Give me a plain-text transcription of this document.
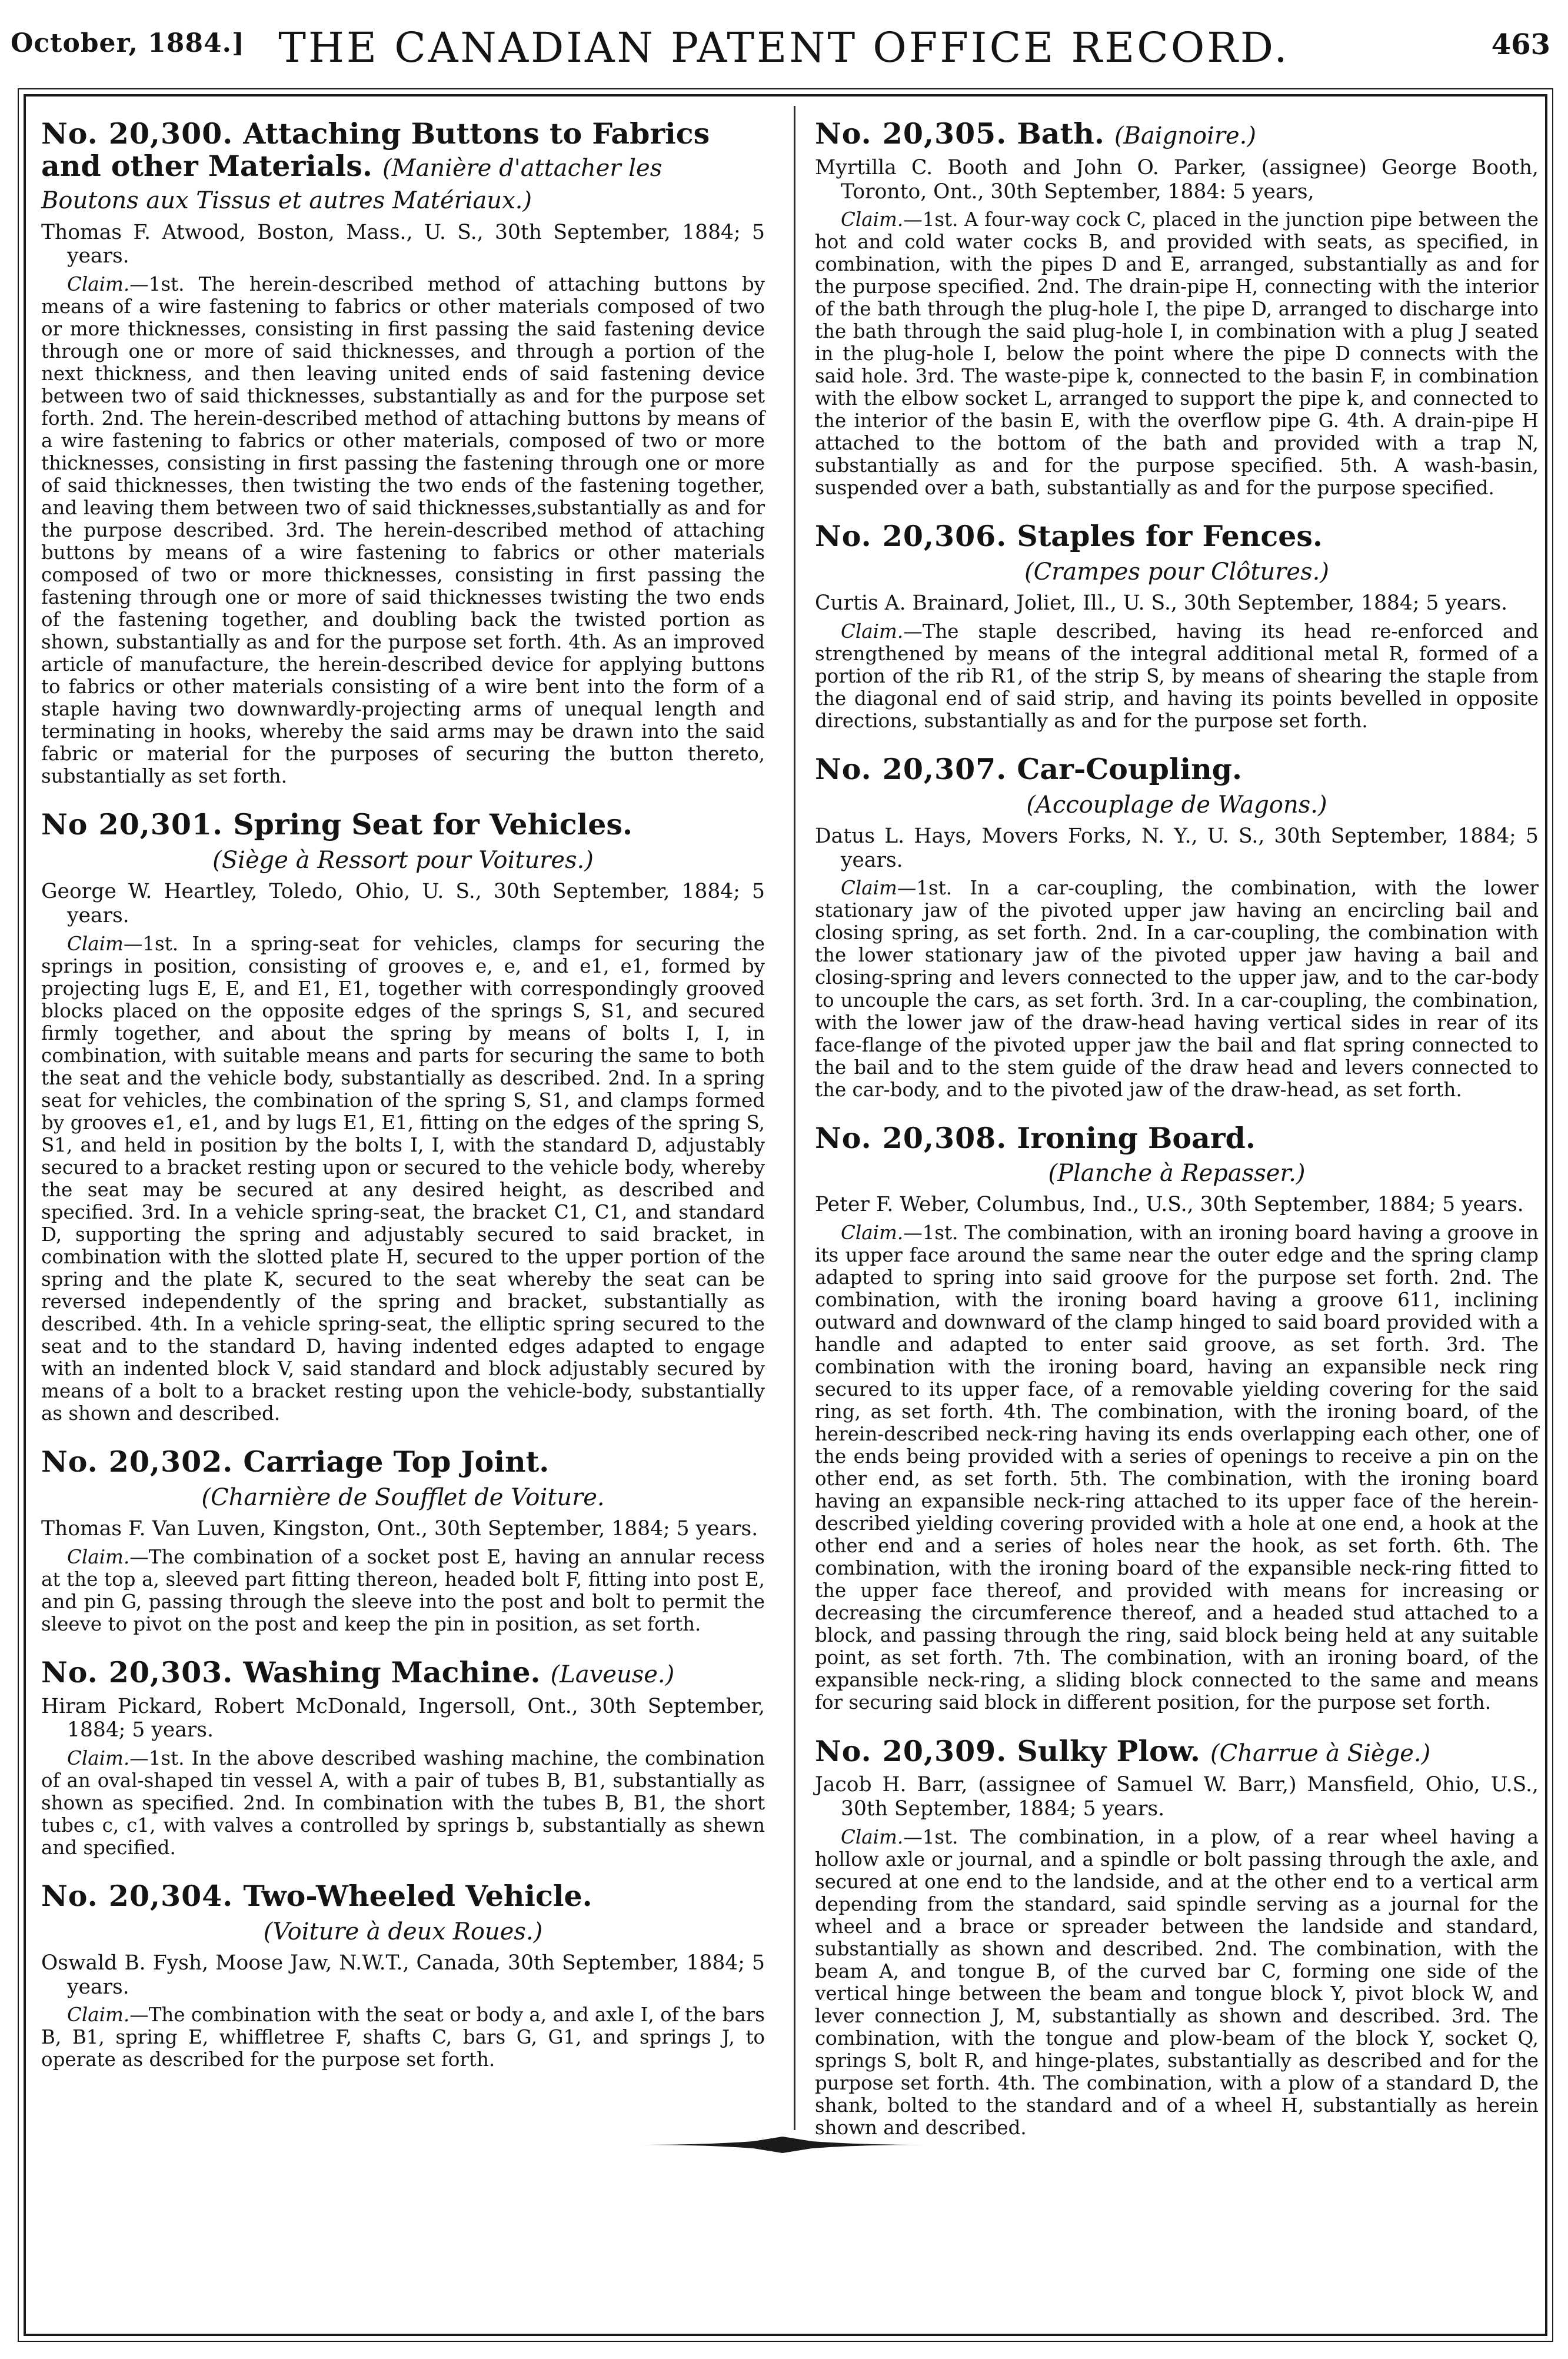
October, 1884.] THE CANADIAN PATENT OFFICE RECORD.	463
No. 20,300. Attaching Buttons to Fabrics and other Materials. (Manière d'attacher les Boutons aux Tissus et autres Matériaux.)

Thomas F. Atwood, Boston, Mass., U. S., 30th September, 1884; 5 years.

Claim.—1st. The herein-described method of attaching buttons by means of a wire fastening to fabrics or other materials composed of two or more thicknesses, consisting in first passing the said fastening device through one or more of said thicknesses, and through a portion of the next thickness, and then leaving united ends of said fastening device between two of said thicknesses, substantially as and for the purpose set forth. 2nd. The herein-described method of attaching buttons by means of a wire fastening to fabrics or other materials, composed of two or more thicknesses, consisting in first passing the fastening through one or more of said thicknesses, then twisting the two ends of the fastening together, and leaving them between two of said thicknesses,substantially as and for the purpose described. 3rd. The herein-described method of attaching buttons by means of a wire fastening to fabrics or other materials composed of two or more thicknesses, consisting in first passing the fastening through one or more of said thicknesses twisting the two ends of the fastening together, and doubling back the twisted portion as shown, substantially as and for the purpose set forth. 4th. As an improved article of manufacture, the herein-described device for applying buttons to fabrics or other materials consisting of a wire bent into the form of a staple having two downwardly-projecting arms of unequal length and terminating in hooks, whereby the said arms may be drawn into the said fabric or material for the purposes of securing the button thereto, substantially as set forth.

No 20,301. Spring Seat for Vehicles.
(Siège à Ressort pour Voitures.)

George W. Heartley, Toledo, Ohio, U. S., 30th September, 1884; 5 years.

Claim—1st. In a spring-seat for vehicles, clamps for securing the springs in position, consisting of grooves e, e, and e1, e1, formed by projecting lugs E, E, and E1, E1, together with correspondingly grooved blocks placed on the opposite edges of the springs S, S1, and secured firmly together, and about the spring by means of bolts I, I, in combination, with suitable means and parts for securing the same to both the seat and the vehicle body, substantially as described. 2nd. In a spring seat for vehicles, the combination of the spring S, S1, and clamps formed by grooves e1, e1, and by lugs E1, E1, fitting on the edges of the spring S, S1, and held in position by the bolts I, I, with the standard D, adjustably secured to a bracket resting upon or secured to the vehicle body, whereby the seat may be secured at any desired height, as described and specified. 3rd. In a vehicle spring-seat, the bracket C1, C1, and standard D, supporting the spring and adjustably secured to said bracket, in combination with the slotted plate H, secured to the upper portion of the spring and the plate K, secured to the seat whereby the seat can be reversed independently of the spring and bracket, substantially as described. 4th. In a vehicle spring-seat, the elliptic spring secured to the seat and to the standard D, having indented edges adapted to engage with an indented block V, said standard and block adjustably secured by means of a bolt to a bracket resting upon the vehicle-body, substantially as shown and described.

No. 20,302. Carriage Top Joint.
(Charnière de Soufflet de Voiture.

Thomas F. Van Luven, Kingston, Ont., 30th September, 1884; 5 years.

Claim.—The combination of a socket post E, having an annular recess at the top a, sleeved part fitting thereon, headed bolt F, fitting into post E, and pin G, passing through the sleeve into the post and bolt to permit the sleeve to pivot on the post and keep the pin in position, as set forth.

No. 20,303. Washing Machine. (Laveuse.)

Hiram Pickard, Robert McDonald, Ingersoll, Ont., 30th September, 1884; 5 years.

Claim.—1st. In the above described washing machine, the combination of an oval-shaped tin vessel A, with a pair of tubes B, B1, substantially as shown as specified. 2nd. In combination with the tubes B, B1, the short tubes c, c1, with valves a controlled by springs b, substantially as shewn and specified.

No. 20,304. Two-Wheeled Vehicle.
(Voiture à deux Roues.)

Oswald B. Fysh, Moose Jaw, N.W.T., Canada, 30th September, 1884; 5 years.

Claim.—The combination with the seat or body a, and axle I, of the bars B, B1, spring E, whiffletree F, shafts C, bars G, G1, and springs J, to operate as described for the purpose set forth.

No. 20,305. Bath. (Baignoire.)

Myrtilla C. Booth and John O. Parker, (assignee) George Booth, Toronto, Ont., 30th September, 1884: 5 years,

Claim.—1st. A four-way cock C, placed in the junction pipe between the hot and cold water cocks B, and provided with seats, as specified, in combination, with the pipes D and E, arranged, substantially as and for the purpose specified. 2nd. The drain-pipe H, connecting with the interior of the bath through the plug-hole I, the pipe D, arranged to discharge into the bath through the said plug-hole I, in combination with a plug J seated in the plug-hole I, below the point where the pipe D connects with the said hole. 3rd. The waste-pipe k, connected to the basin F, in combination with the elbow socket L, arranged to support the pipe k, and connected to the interior of the basin E, with the overflow pipe G. 4th. A drain-pipe H attached to the bottom of the bath and provided with a trap N, substantially as and for the purpose specified. 5th. A wash-basin, suspended over a bath, substantially as and for the purpose specified.

No. 20,306. Staples for Fences.
(Crampes pour Clôtures.)

Curtis A. Brainard, Joliet, Ill., U. S., 30th September, 1884; 5 years.

Claim.—The staple described, having its head re-enforced and strengthened by means of the integral additional metal R, formed of a portion of the rib R1, of the strip S, by means of shearing the staple from the diagonal end of said strip, and having its points bevelled in opposite directions, substantially as and for the purpose set forth.

No. 20,307. Car-Coupling.
(Accouplage de Wagons.)

Datus L. Hays, Movers Forks, N. Y., U. S., 30th September, 1884; 5 years.

Claim—1st. In a car-coupling, the combination, with the lower stationary jaw of the pivoted upper jaw having an encircling bail and closing spring, as set forth. 2nd. In a car-coupling, the combination with the lower stationary jaw of the pivoted upper jaw having a bail and closing-spring and levers connected to the upper jaw, and to the car-body to uncouple the cars, as set forth. 3rd. In a car-coupling, the combination, with the lower jaw of the draw-head having vertical sides in rear of its face-flange of the pivoted upper jaw the bail and flat spring connected to the bail and to the stem guide of the draw head and levers connected to the car-body, and to the pivoted jaw of the draw-head, as set forth.

No. 20,308. Ironing Board.
(Planche à Repasser.)

Peter F. Weber, Columbus, Ind., U.S., 30th September, 1884; 5 years.

Claim.—1st. The combination, with an ironing board having a groove in its upper face around the same near the outer edge and the spring clamp adapted to spring into said groove for the purpose set forth. 2nd. The combination, with the ironing board having a groove 611, inclining outward and downward of the clamp hinged to said board provided with a handle and adapted to enter said groove, as set forth. 3rd. The combination with the ironing board, having an expansible neck ring secured to its upper face, of a removable yielding covering for the said ring, as set forth. 4th. The combination, with the ironing board, of the herein-described neck-ring having its ends overlapping each other, one of the ends being provided with a series of openings to receive a pin on the other end, as set forth. 5th. The combination, with the ironing board having an expansible neck-ring attached to its upper face of the herein-described yielding covering provided with a hole at one end, a hook at the other end and a series of holes near the hook, as set forth. 6th. The combination, with the ironing board of the expansible neck-ring fitted to the upper face thereof, and provided with means for increasing or decreasing the circumference thereof, and a headed stud attached to a block, and passing through the ring, said block being held at any suitable point, as set forth. 7th. The combination, with an ironing board, of the expansible neck-ring, a sliding block connected to the same and means for securing said block in different position, for the purpose set forth.

No. 20,309. Sulky Plow. (Charrue à Siège.)

Jacob H. Barr, (assignee of Samuel W. Barr,) Mansfield, Ohio, U.S., 30th September, 1884; 5 years.

Claim.—1st. The combination, in a plow, of a rear wheel having a hollow axle or journal, and a spindle or bolt passing through the axle, and secured at one end to the landside, and at the other end to a vertical arm depending from the standard, said spindle serving as a journal for the wheel and a brace or spreader between the landside and standard, substantially as shown and described. 2nd. The combination, with the beam A, and tongue B, of the curved bar C, forming one side of the vertical hinge between the beam and tongue block Y, pivot block W, and lever connection J, M, substantially as shown and described. 3rd. The combination, with the tongue and plow-beam of the block Y, socket Q, springs S, bolt R, and hinge-plates, substantially as described and for the purpose set forth. 4th. The combination, with a plow of a standard D, the shank, bolted to the standard and of a wheel H, substantially as herein shown and described.
